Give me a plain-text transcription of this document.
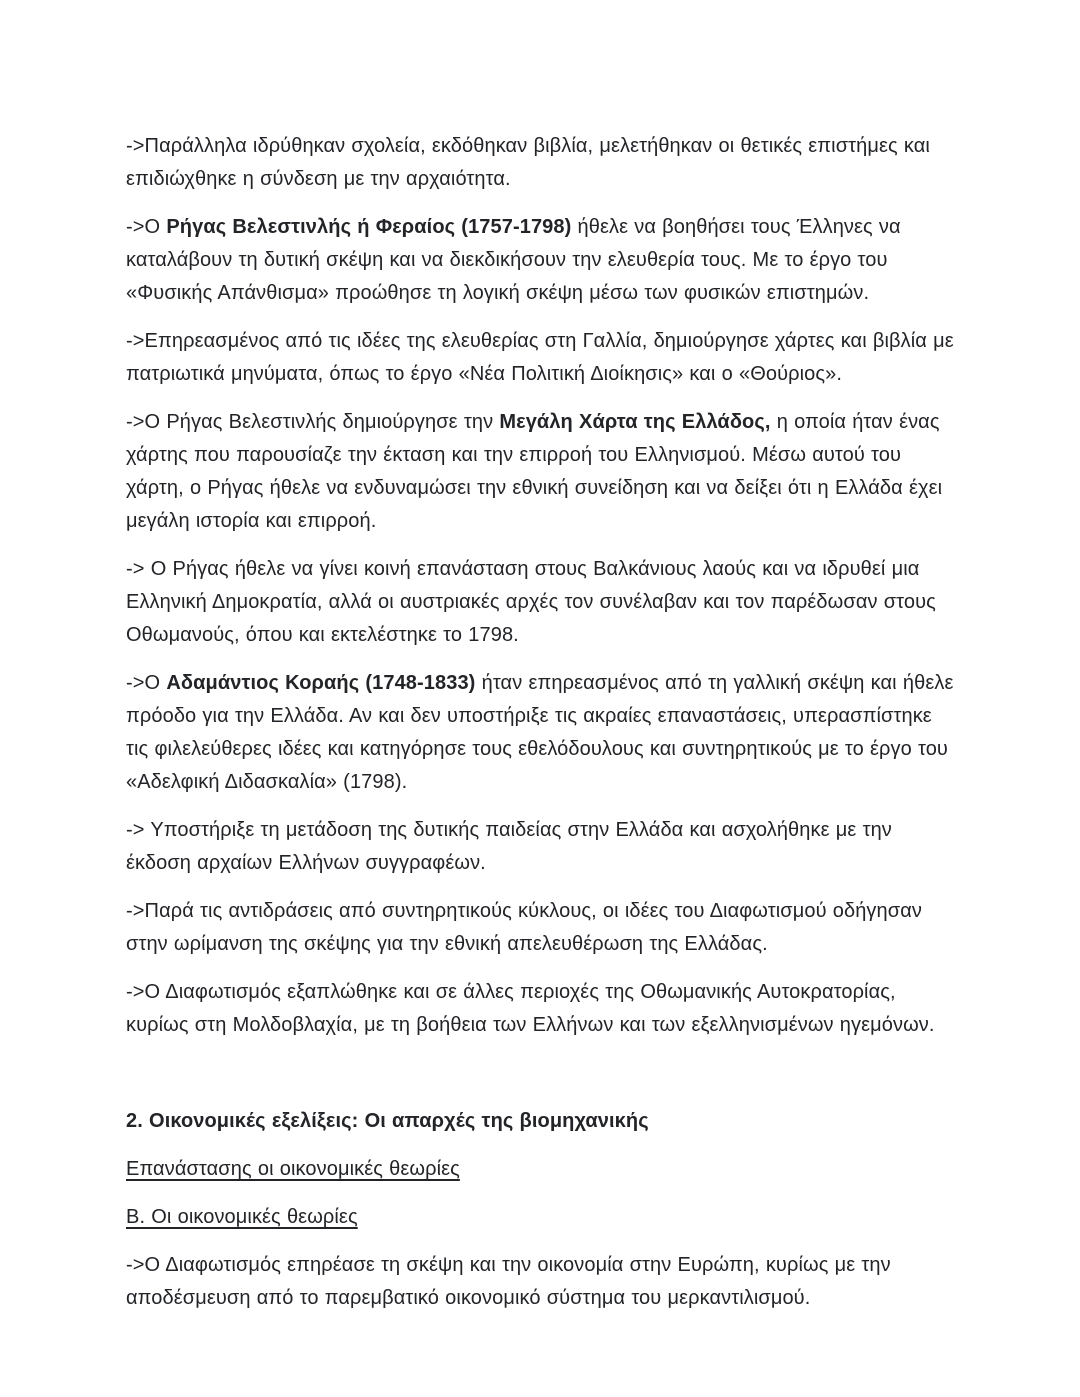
->Παράλληλα ιδρύθηκαν σχολεία, εκδόθηκαν βιβλία, μελετήθηκαν οι θετικές επιστήμες και επιδιώχθηκε η σύνδεση με την αρχαιότητα.

->Ο Ρήγας Βελεστινλής ή Φεραίος (1757-1798) ήθελε να βοηθήσει τους Έλληνες να καταλάβουν τη δυτική σκέψη και να διεκδικήσουν την ελευθερία τους. Με το έργο του «Φυσικής Απάνθισμα» προώθησε τη λογική σκέψη μέσω των φυσικών επιστημών.

->Επηρεασμένος από τις ιδέες της ελευθερίας στη Γαλλία, δημιούργησε χάρτες και βιβλία με πατριωτικά μηνύματα, όπως το έργο «Νέα Πολιτική Διοίκησις» και ο «Θούριος».

->Ο Ρήγας Βελεστινλής δημιούργησε την Μεγάλη Χάρτα της Ελλάδος, η οποία ήταν ένας χάρτης που παρουσίαζε την έκταση και την επιρροή του Ελληνισμού. Μέσω αυτού του χάρτη, ο Ρήγας ήθελε να ενδυναμώσει την εθνική συνείδηση και να δείξει ότι η Ελλάδα έχει μεγάλη ιστορία και επιρροή.

-> Ο Ρήγας ήθελε να γίνει κοινή επανάσταση στους Βαλκάνιους λαούς και να ιδρυθεί μια Ελληνική Δημοκρατία, αλλά οι αυστριακές αρχές τον συνέλαβαν και τον παρέδωσαν στους Οθωμανούς, όπου και εκτελέστηκε το 1798.

->Ο Αδαμάντιος Κοραής (1748-1833) ήταν επηρεασμένος από τη γαλλική σκέψη και ήθελε πρόοδο για την Ελλάδα. Αν και δεν υποστήριξε τις ακραίες επαναστάσεις, υπερασπίστηκε τις φιλελεύθερες ιδέες και κατηγόρησε τους εθελόδουλους και συντηρητικούς με το έργο του «Αδελφική Διδασκαλία» (1798).

-> Υποστήριξε τη μετάδοση της δυτικής παιδείας στην Ελλάδα και ασχολήθηκε με την έκδοση αρχαίων Ελλήνων συγγραφέων.

->Παρά τις αντιδράσεις από συντηρητικούς κύκλους, οι ιδέες του Διαφωτισμού οδήγησαν στην ωρίμανση της σκέψης για την εθνική απελευθέρωση της Ελλάδας.

->Ο Διαφωτισμός εξαπλώθηκε και σε άλλες περιοχές της Οθωμανικής Αυτοκρατορίας, κυρίως στη Μολδοβλαχία, με τη βοήθεια των Ελλήνων και των εξελληνισμένων ηγεμόνων.

2. Οικονομικές εξελίξεις: Οι απαρχές της βιομηχανικής

Επανάστασης οι οικονομικές θεωρίες

Β. Οι οικονομικές θεωρίες

->Ο Διαφωτισμός επηρέασε τη σκέψη και την οικονομία στην Ευρώπη, κυρίως με την αποδέσμευση από το παρεμβατικό οικονομικό σύστημα του μερκαντιλισμού.
